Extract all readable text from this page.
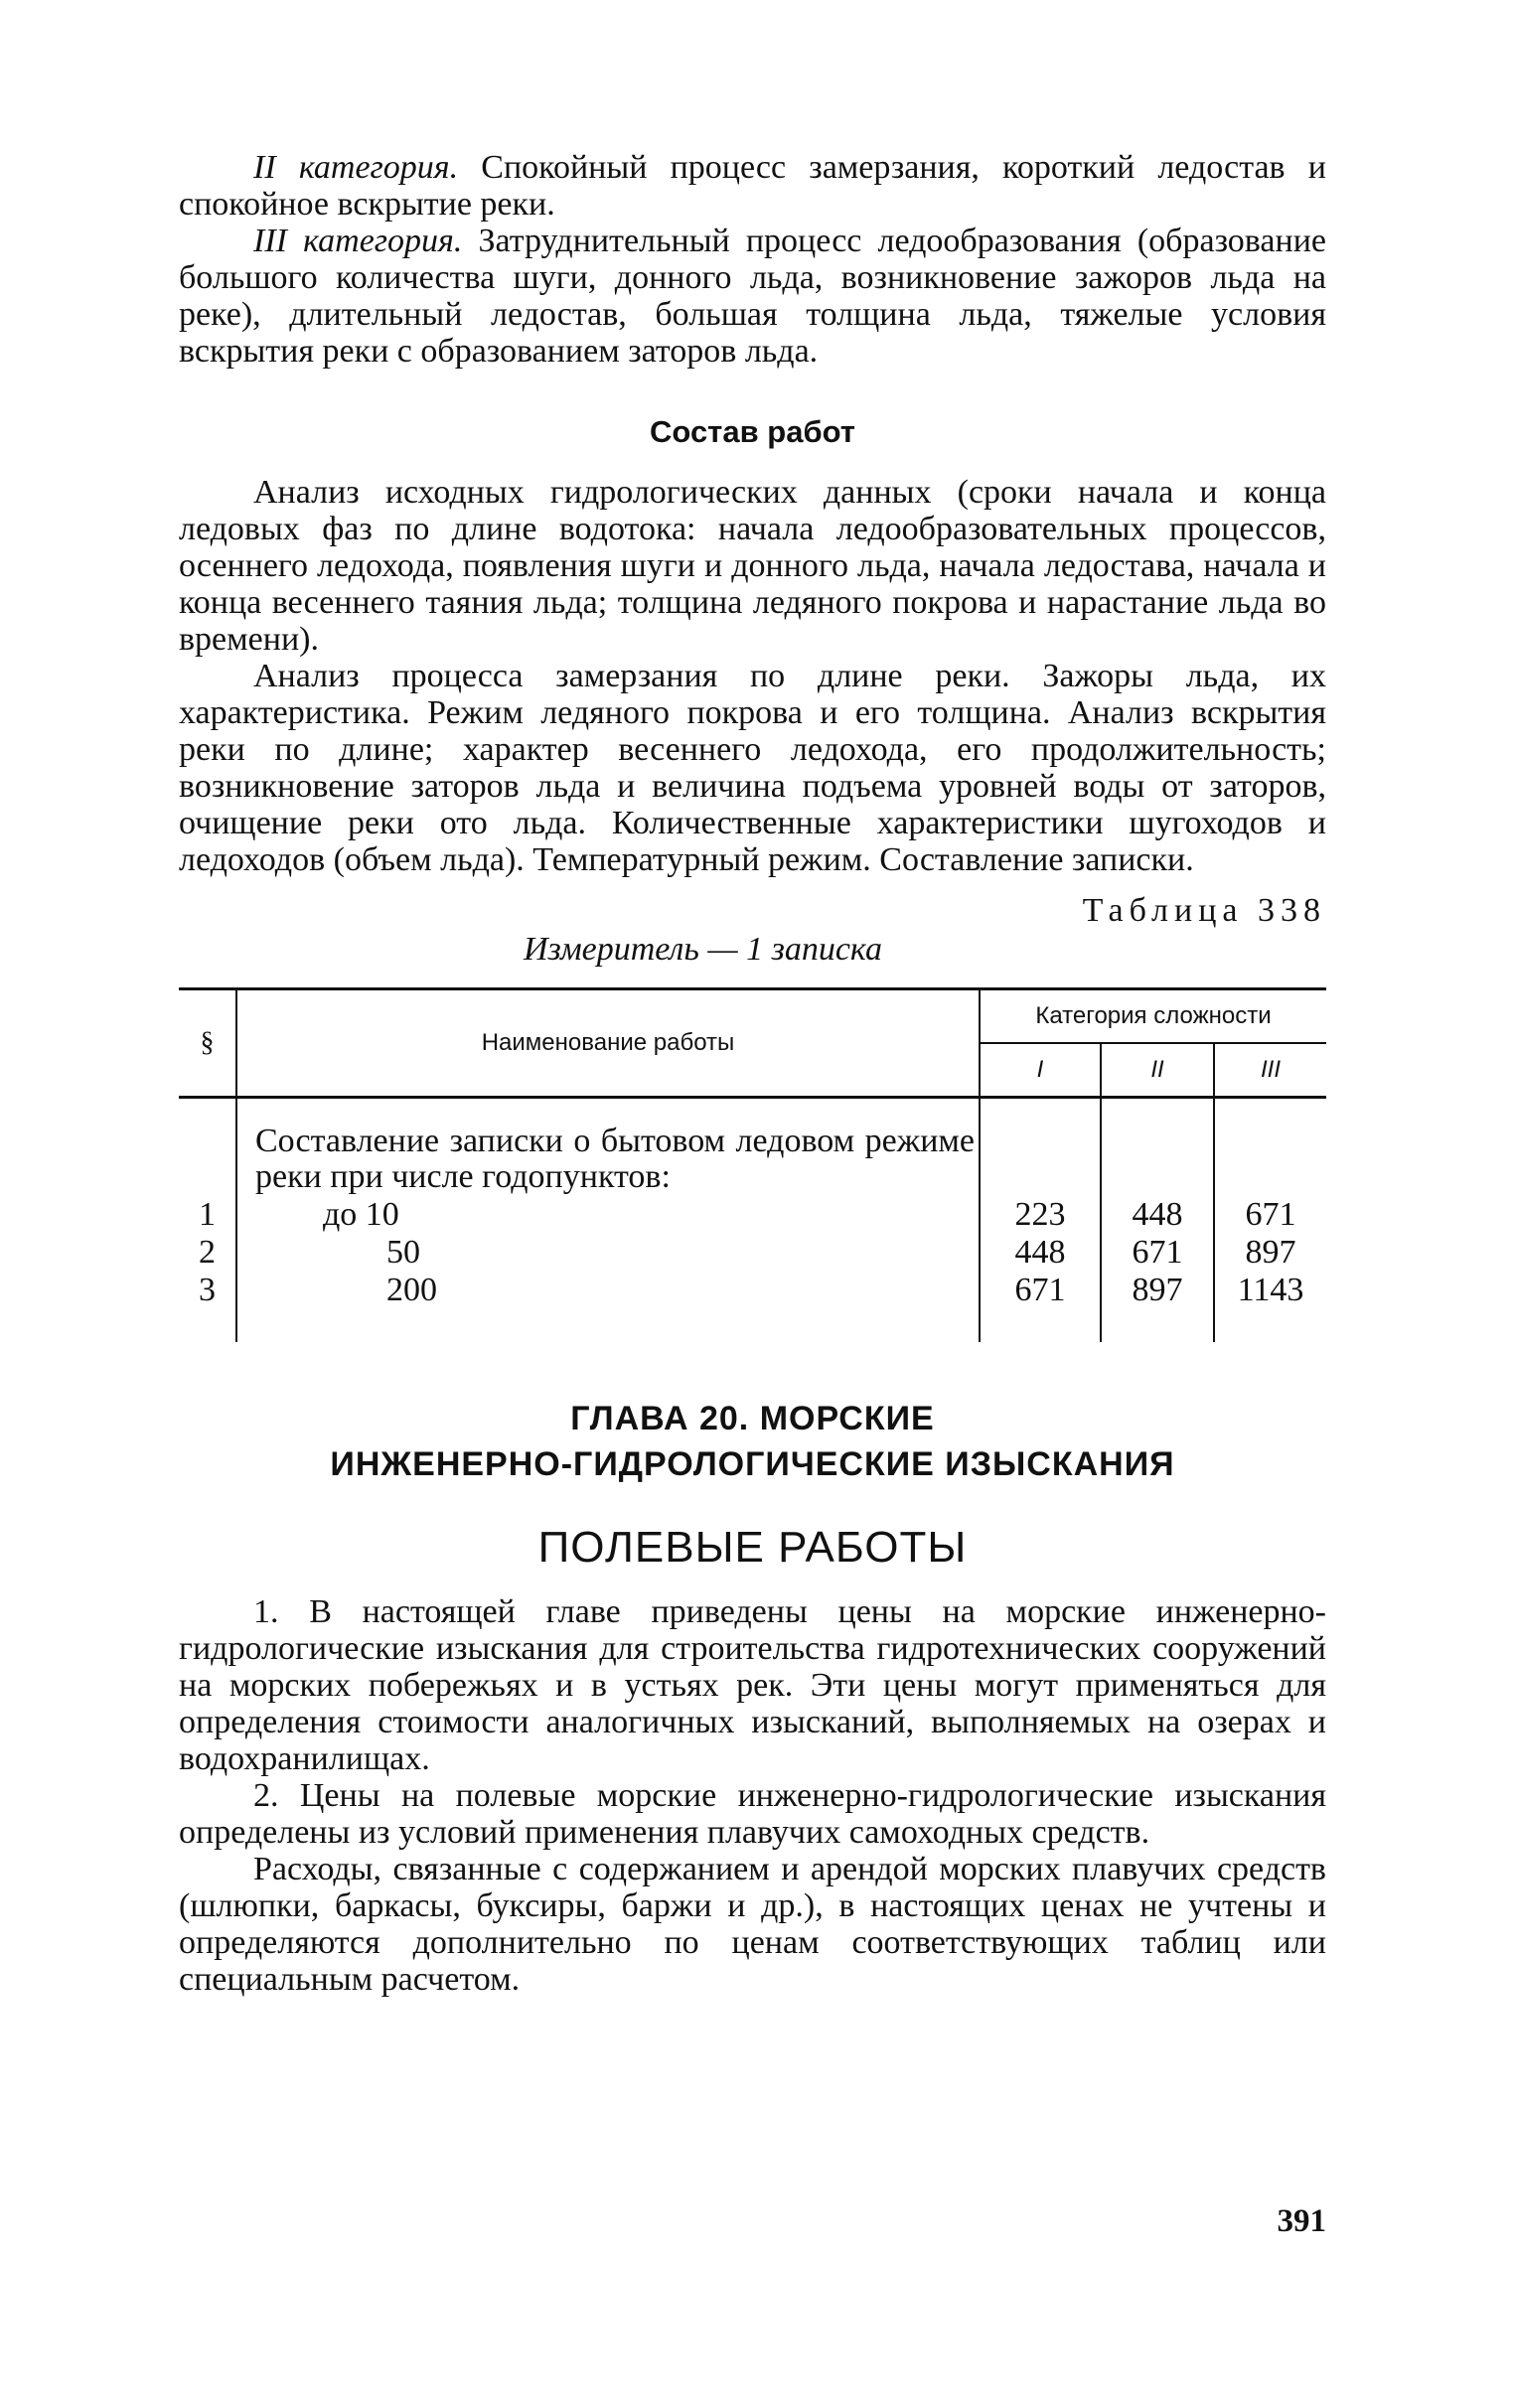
II категория. Спокойный процесс замерзания, короткий ледостав и спокойное вскрытие реки.

III категория. Затруднительный процесс ледообразования (образование большого количества шуги, донного льда, возникновение зажоров льда на реке), длительный ледостав, большая толщина льда, тяжелые условия вскрытия реки с образованием заторов льда.

Состав работ

Анализ исходных гидрологических данных (сроки начала и конца ледовых фаз по длине водотока: начала ледообразовательных процессов, осеннего ледохода, появления шуги и донного льда, начала ледостава, начала и конца весеннего таяния льда; толщина ледяного покрова и нарастание льда во времени).

Анализ процесса замерзания по длине реки. Зажоры льда, их характеристика. Режим ледяного покрова и его толщина. Анализ вскрытия реки по длине; характер весеннего ледохода, его продолжительность; возникновение заторов льда и величина подъема уровней воды от заторов, очищение реки ото льда. Количественные характеристики шугоходов и ледоходов (объем льда). Температурный режим. Составление записки.

Таблица 338
Измеритель — 1 записка
§	Наименование работы	Категория сложности		
		I	II	III

	Составление записки о бытовом ледовом режиме реки при числе годопунктов:			
1	до 10	223	448	671
2	50	448	671	897
3	200	671	897	1143
ГЛАВА 20. МОРСКИЕ
ИНЖЕНЕРНО-ГИДРОЛОГИЧЕСКИЕ ИЗЫСКАНИЯ
ПОЛЕВЫЕ РАБОТЫ

1. В настоящей главе приведены цены на морские инженерно-гидрологические изыскания для строительства гидротехнических сооружений на морских побережьях и в устьях рек. Эти цены могут применяться для определения стоимости аналогичных изысканий, выполняемых на озерах и водохранилищах.

2. Цены на полевые морские инженерно-гидрологические изыскания определены из условий применения плавучих самоходных средств.

Расходы, связанные с содержанием и арендой морских плавучих средств (шлюпки, баркасы, буксиры, баржи и др.), в настоящих ценах не учтены и определяются дополнительно по ценам соответствующих таблиц или специальным расчетом.

391
